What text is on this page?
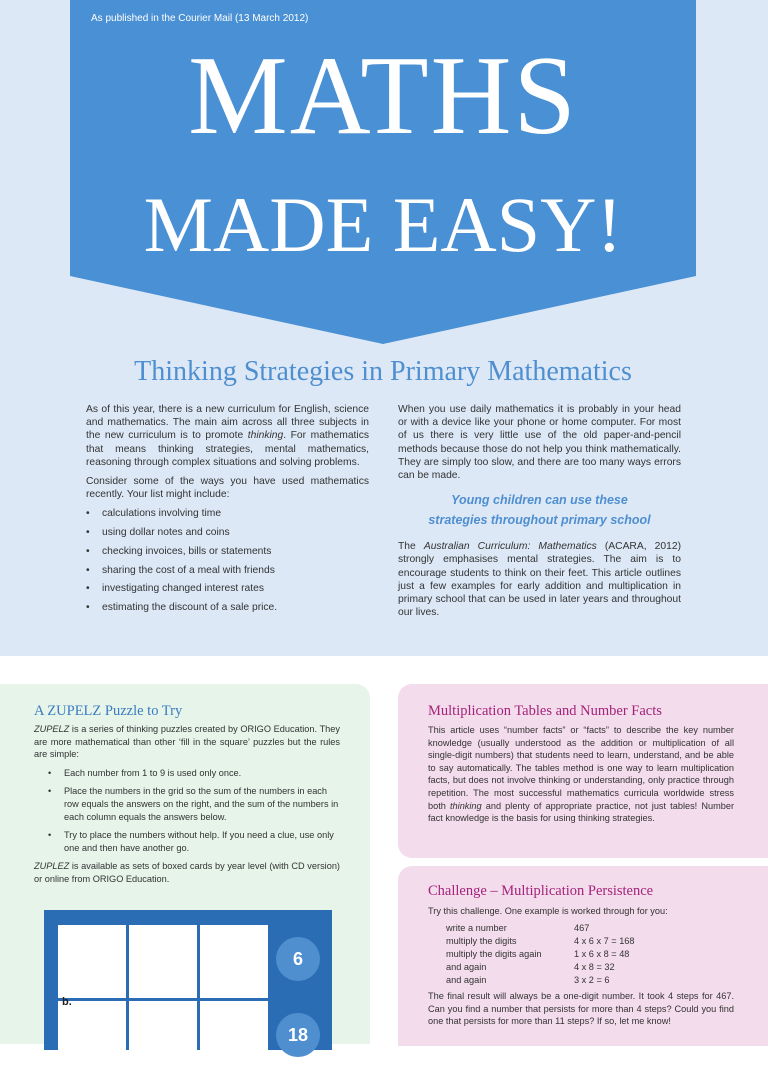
As published in the Courier Mail (13 March 2012)
MATHS
MADE EASY!
Thinking Strategies in Primary Mathematics

As of this year, there is a new curriculum for English, science and mathematics. The main aim across all three subjects in the new curriculum is to promote thinking. For mathematics that means thinking strategies, mental mathematics, reasoning through complex situations and solving problems.

Consider some of the ways you have used mathematics recently. Your list might include:

• calculations involving time
• using dollar notes and coins
• checking invoices, bills or statements
• sharing the cost of a meal with friends
• investigating changed interest rates
• estimating the discount of a sale price.

When you use daily mathematics it is probably in your head or with a device like your phone or home computer. For most of us there is very little use of the old paper-and-pencil methods because those do not help you think mathematically. They are simply too slow, and there are too many ways errors can be made.

Young children can use these
strategies throughout primary school

The Australian Curriculum: Mathematics (ACARA, 2012) strongly emphasises mental strategies. The aim is to encourage students to think on their feet. This article outlines just a few examples for early addition and multiplication in primary school that can be used in later years and throughout our lives.

A ZUPELZ Puzzle to Try

ZUPELZ is a series of thinking puzzles created by ORIGO Education. They are more mathematical than other ‘fill in the square’ puzzles but the rules are simple:

• Each number from 1 to 9 is used only once.
• Place the numbers in the grid so the sum of the numbers in each row equals the answers on the right, and the sum of the numbers in each column equals the answers below.
• Try to place the numbers without help. If you need a clue, use only one and then have another go.

ZUPLEZ is available as sets of boxed cards by year level (with CD version) or online from ORIGO Education.

b.
6
18
Multiplication Tables and Number Facts

This article uses “number facts” or “facts” to describe the key number knowledge (usually understood as the addition or multiplication of all single-digit numbers) that students need to learn, understand, and be able to say automatically. The tables method is one way to learn multiplication facts, but does not involve thinking or understanding, only practice through repetition. The most successful mathematics curricula worldwide stress both thinking and plenty of appropriate practice, not just tables! Number fact knowledge is the basis for using thinking strategies.

Challenge – Multiplication Persistence
Try this challenge. One example is worked through for you:
write a number	467
multiply the digits	4 x 6 x 7 = 168
multiply the digits again	1 x 6 x 8 = 48
and again	4 x 8 = 32
and again	3 x 2 = 6
The final result will always be a one-digit number. It took 4 steps for 467. Can you find a number that persists for more than 4 steps? Could you find one that persists for more than 11 steps? If so, let me know!
